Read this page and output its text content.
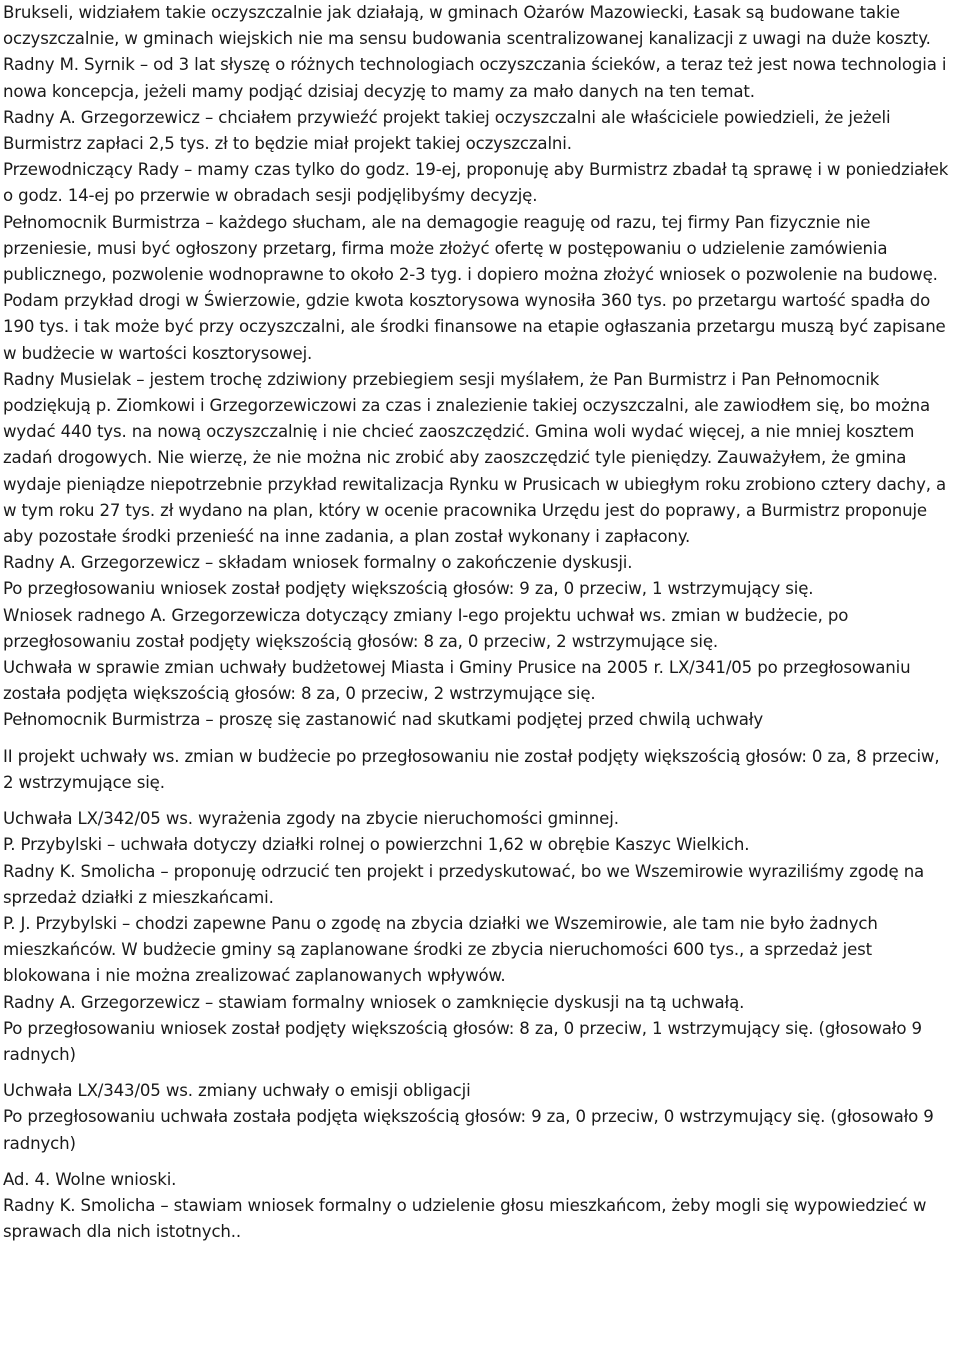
Brukseli, widziałem takie oczyszczalnie jak działają, w gminach Ożarów Mazowiecki, Łasak są budowane takie oczyszczalnie, w gminach wiejskich nie ma sensu budowania scentralizowanej kanalizacji z uwagi na duże koszty.

Radny M. Syrnik – od 3 lat słyszę o różnych technologiach oczyszczania ścieków, a teraz też jest nowa technologia i nowa koncepcja, jeżeli mamy podjąć dzisiaj decyzję to mamy za mało danych na ten temat.

Radny A. Grzegorzewicz – chciałem przywieźć projekt takiej oczyszczalni ale właściciele powiedzieli, że jeżeli Burmistrz zapłaci 2,5 tys. zł to będzie miał projekt takiej oczyszczalni.

Przewodniczący Rady – mamy czas tylko do godz. 19-ej, proponuję aby Burmistrz zbadał tą sprawę i w poniedziałek o godz. 14-ej po przerwie w obradach sesji podjęlibyśmy decyzję.

Pełnomocnik Burmistrza – każdego słucham, ale na demagogie reaguję od razu, tej firmy Pan fizycznie nie przeniesie, musi być ogłoszony przetarg, firma może złożyć ofertę w postępowaniu o udzielenie zamówienia publicznego, pozwolenie wodnoprawne to około 2-3 tyg. i dopiero można złożyć wniosek o pozwolenie na budowę. Podam przykład drogi w Świerzowie, gdzie kwota kosztorysowa wynosiła 360 tys. po przetargu wartość spadła do 190 tys. i tak może być przy oczyszczalni, ale środki finansowe na etapie ogłaszania przetargu muszą być zapisane w budżecie w wartości kosztorysowej.

Radny Musielak – jestem trochę zdziwiony przebiegiem sesji myślałem, że Pan Burmistrz i Pan Pełnomocnik podziękują p. Ziomkowi i Grzegorzewiczowi za czas i znalezienie takiej oczyszczalni, ale zawiodłem się, bo można wydać 440 tys. na nową oczyszczalnię i nie chcieć zaoszczędzić. Gmina woli wydać więcej, a nie mniej kosztem zadań drogowych. Nie wierzę, że nie można nic zrobić aby zaoszczędzić tyle pieniędzy. Zauważyłem, że gmina wydaje pieniądze niepotrzebnie przykład rewitalizacja Rynku w Prusicach w ubiegłym roku zrobiono cztery dachy, a w tym roku 27 tys. zł wydano na plan, który w ocenie pracownika Urzędu jest do poprawy, a Burmistrz proponuje aby pozostałe środki przenieść na inne zadania, a plan został wykonany i zapłacony.

Radny A. Grzegorzewicz – składam wniosek formalny o zakończenie dyskusji.

Po przegłosowaniu wniosek został podjęty większością głosów: 9 za, 0 przeciw, 1 wstrzymujący się.

Wniosek radnego A. Grzegorzewicza dotyczący zmiany I-ego projektu uchwał ws. zmian w budżecie, po przegłosowaniu został podjęty większością głosów: 8 za, 0 przeciw, 2 wstrzymujące się.

Uchwała w sprawie zmian uchwały budżetowej Miasta i Gminy Prusice na 2005 r. LX/341/05 po przegłosowaniu została podjęta większością głosów: 8 za, 0 przeciw, 2 wstrzymujące się.

Pełnomocnik Burmistrza – proszę się zastanowić nad skutkami podjętej przed chwilą uchwały

II projekt uchwały ws. zmian w budżecie po przegłosowaniu nie został podjęty większością głosów: 0 za, 8 przeciw, 2 wstrzymujące się.

Uchwała LX/342/05 ws. wyrażenia zgody na zbycie nieruchomości gminnej.

P. Przybylski – uchwała dotyczy działki rolnej o powierzchni 1,62 w obrębie Kaszyc Wielkich.

Radny K. Smolicha – proponuję odrzucić ten projekt i przedyskutować, bo we Wszemirowie wyraziliśmy zgodę na sprzedaż działki z mieszkańcami.

P. J. Przybylski – chodzi zapewne Panu o zgodę na zbycia działki we Wszemirowie, ale tam nie było żadnych mieszkańców. W budżecie gminy są zaplanowane środki ze zbycia nieruchomości 600 tys., a sprzedaż jest blokowana i nie można zrealizować zaplanowanych wpływów.

Radny A. Grzegorzewicz – stawiam formalny wniosek o zamknięcie dyskusji na tą uchwałą.

Po przegłosowaniu wniosek został podjęty większością głosów: 8 za, 0 przeciw, 1 wstrzymujący się. (głosowało 9 radnych)

Uchwała LX/343/05 ws. zmiany uchwały o emisji obligacji

Po przegłosowaniu uchwała została podjęta większością głosów: 9 za, 0 przeciw, 0 wstrzymujący się. (głosowało 9 radnych)

Ad. 4. Wolne wnioski.

Radny K. Smolicha – stawiam wniosek formalny o udzielenie głosu mieszkańcom, żeby mogli się wypowiedzieć w sprawach dla nich istotnych..
